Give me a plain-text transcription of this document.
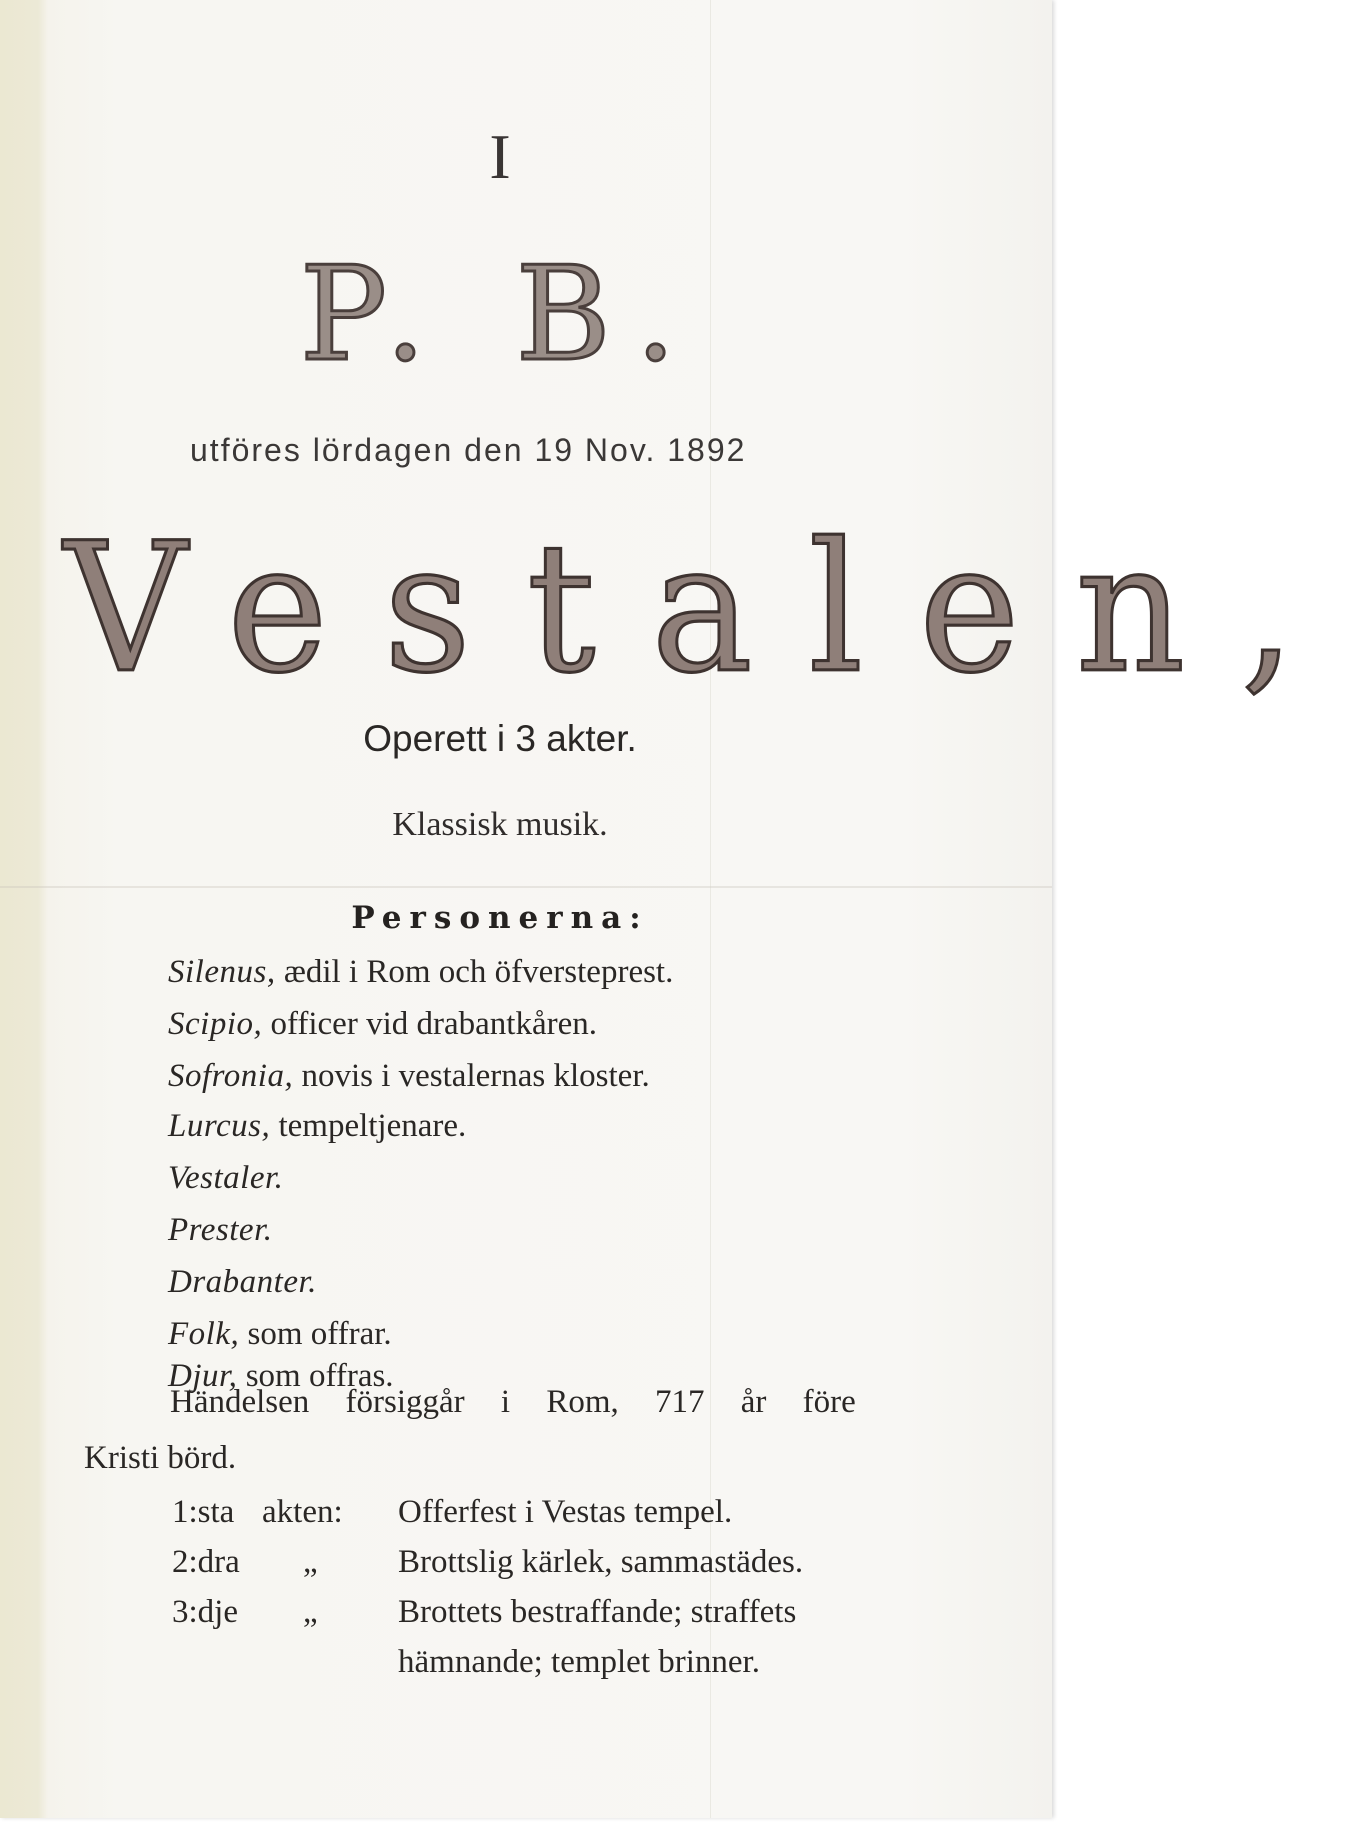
I
P. B.
utföres lördagen den 19 Nov. 1892
Vestalen,
Operett i 3 akter.
Klassisk musik.
Personerna:
Silenus, ædil i Rom och öfversteprest.
Scipio, officer vid drabantkåren.
Sofronia, novis i vestalernas kloster.
Lurcus, tempeltjenare.
Vestaler.
Prester.
Drabanter.
Folk, som offrar.
Djur, som offras.
Händelsen försiggår i Rom, 717 år före
Kristi börd.
1:sta akten: Offerfest i Vestas tempel.
2:dra „ Brottslig kärlek, sammastädes.
3:dje „ Brottets bestraffande; straffets
hämnande; templet brinner.
